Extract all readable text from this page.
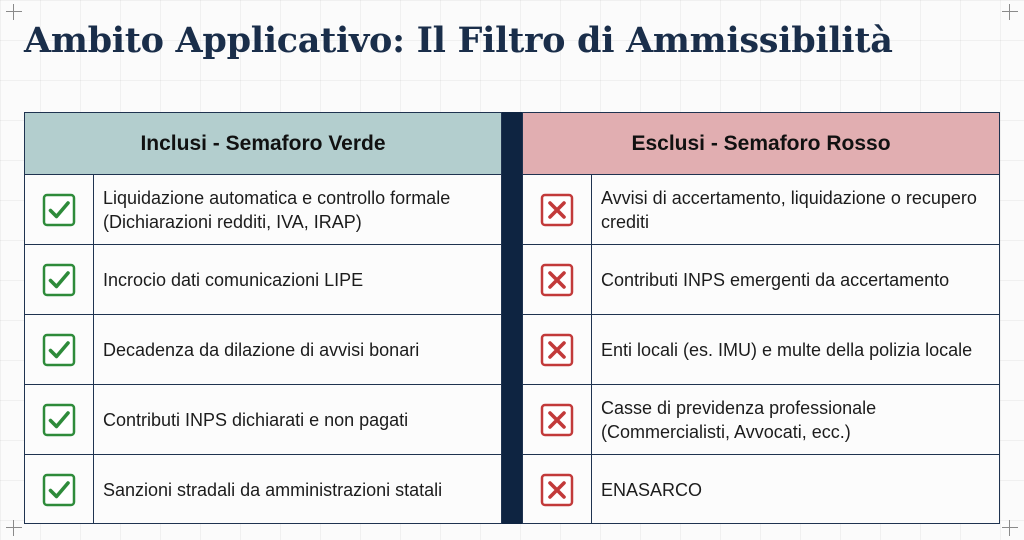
Ambito Applicativo: Il Filtro di Ammissibilità
Inclusi - Semaforo Verde
Liquidazione automatica e controllo formale (Dichiarazioni redditi, IVA, IRAP)
Incrocio dati comunicazioni LIPE
Decadenza da dilazione di avvisi bonari
Contributi INPS dichiarati e non pagati
Sanzioni stradali da amministrazioni statali
Esclusi - Semaforo Rosso
Avvisi di accertamento, liquidazione o recupero crediti
Contributi INPS emergenti da accertamento
Enti locali (es. IMU) e multe della polizia locale
Casse di previdenza professionale (Commercialisti, Avvocati, ecc.)
ENASARCO
